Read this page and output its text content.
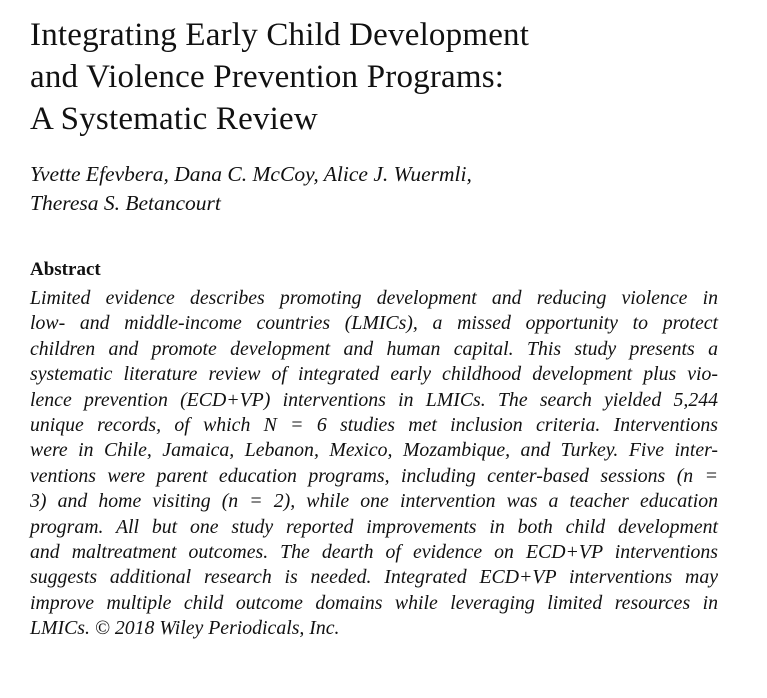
Integrating Early Child Development
and Violence Prevention Programs:
A Systematic Review
Yvette Efevbera, Dana C. McCoy, Alice J. Wuermli,
Theresa S. Betancourt
Abstract
Limited evidence describes promoting development and reducing violence in
low- and middle-income countries (LMICs), a missed opportunity to protect
children and promote development and human capital. This study presents a
systematic literature review of integrated early childhood development plus vio-
lence prevention (ECD+VP) interventions in LMICs. The search yielded 5,244
unique records, of which N = 6 studies met inclusion criteria. Interventions
were in Chile, Jamaica, Lebanon, Mexico, Mozambique, and Turkey. Five inter-
ventions were parent education programs, including center-based sessions (n =
3) and home visiting (n = 2), while one intervention was a teacher education
program. All but one study reported improvements in both child development
and maltreatment outcomes. The dearth of evidence on ECD+VP interventions
suggests additional research is needed. Integrated ECD+VP interventions may
improve multiple child outcome domains while leveraging limited resources in
LMICs. © 2018 Wiley Periodicals, Inc.
